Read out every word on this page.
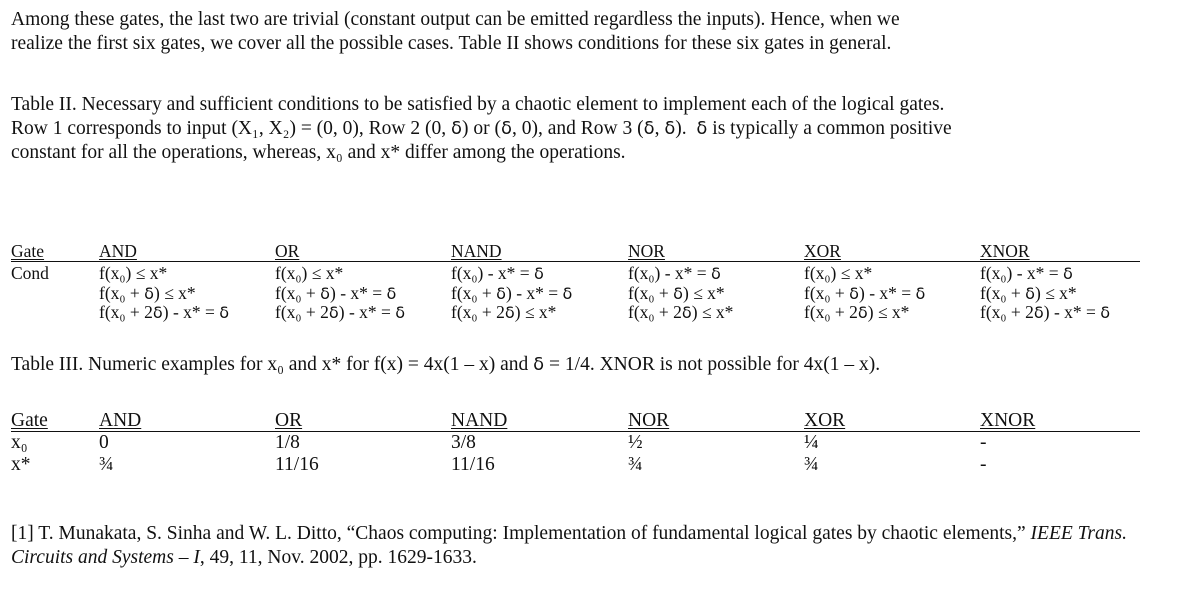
Among these gates, the last two are trivial (constant output can be emitted regardless the inputs). Hence, when we
realize the first six gates, we cover all the possible cases. Table II shows conditions for these six gates in general.

Table II. Necessary and sufficient conditions to be satisfied by a chaotic element to implement each of the logical gates.
Row 1 corresponds to input (X₁, X₂) = (0, 0), Row 2 (0, δ) or (δ, 0), and Row 3 (δ, δ).  δ is typically a common positive
constant for all the operations, whereas, x₀ and x* differ among the operations.

Gate	AND	OR	NAND	NOR	XOR	XNOR
Cond	f(x₀) ≤ x*
f(x₀ + δ) ≤ x*
f(x₀ + 2δ) - x* = δ	f(x₀) ≤ x*
f(x₀ + δ) - x* = δ
f(x₀ + 2δ) - x* = δ	f(x₀) - x* = δ
f(x₀ + δ) - x* = δ
f(x₀ + 2δ) ≤ x*	f(x₀) - x* = δ
f(x₀ + δ) ≤ x*
f(x₀ + 2δ) ≤ x*	f(x₀) ≤ x*
f(x₀ + δ) - x* = δ
f(x₀ + 2δ) ≤ x*	f(x₀) - x* = δ
f(x₀ + δ) ≤ x*
f(x₀ + 2δ) - x* = δ

Table III. Numeric examples for x₀ and x* for f(x) = 4x(1 – x) and δ = 1/4. XNOR is not possible for 4x(1 – x).

Gate	AND	OR	NAND	NOR	XOR	XNOR
x₀	0	1/8	3/8	½	¼	-
x*	¾	11/16	11/16	¾	¾	-

[1] T. Munakata, S. Sinha and W. L. Ditto, “Chaos computing: Implementation of fundamental logical gates by chaotic elements,” IEEE Trans. Circuits and Systems – I, 49, 11, Nov. 2002, pp. 1629-1633.
